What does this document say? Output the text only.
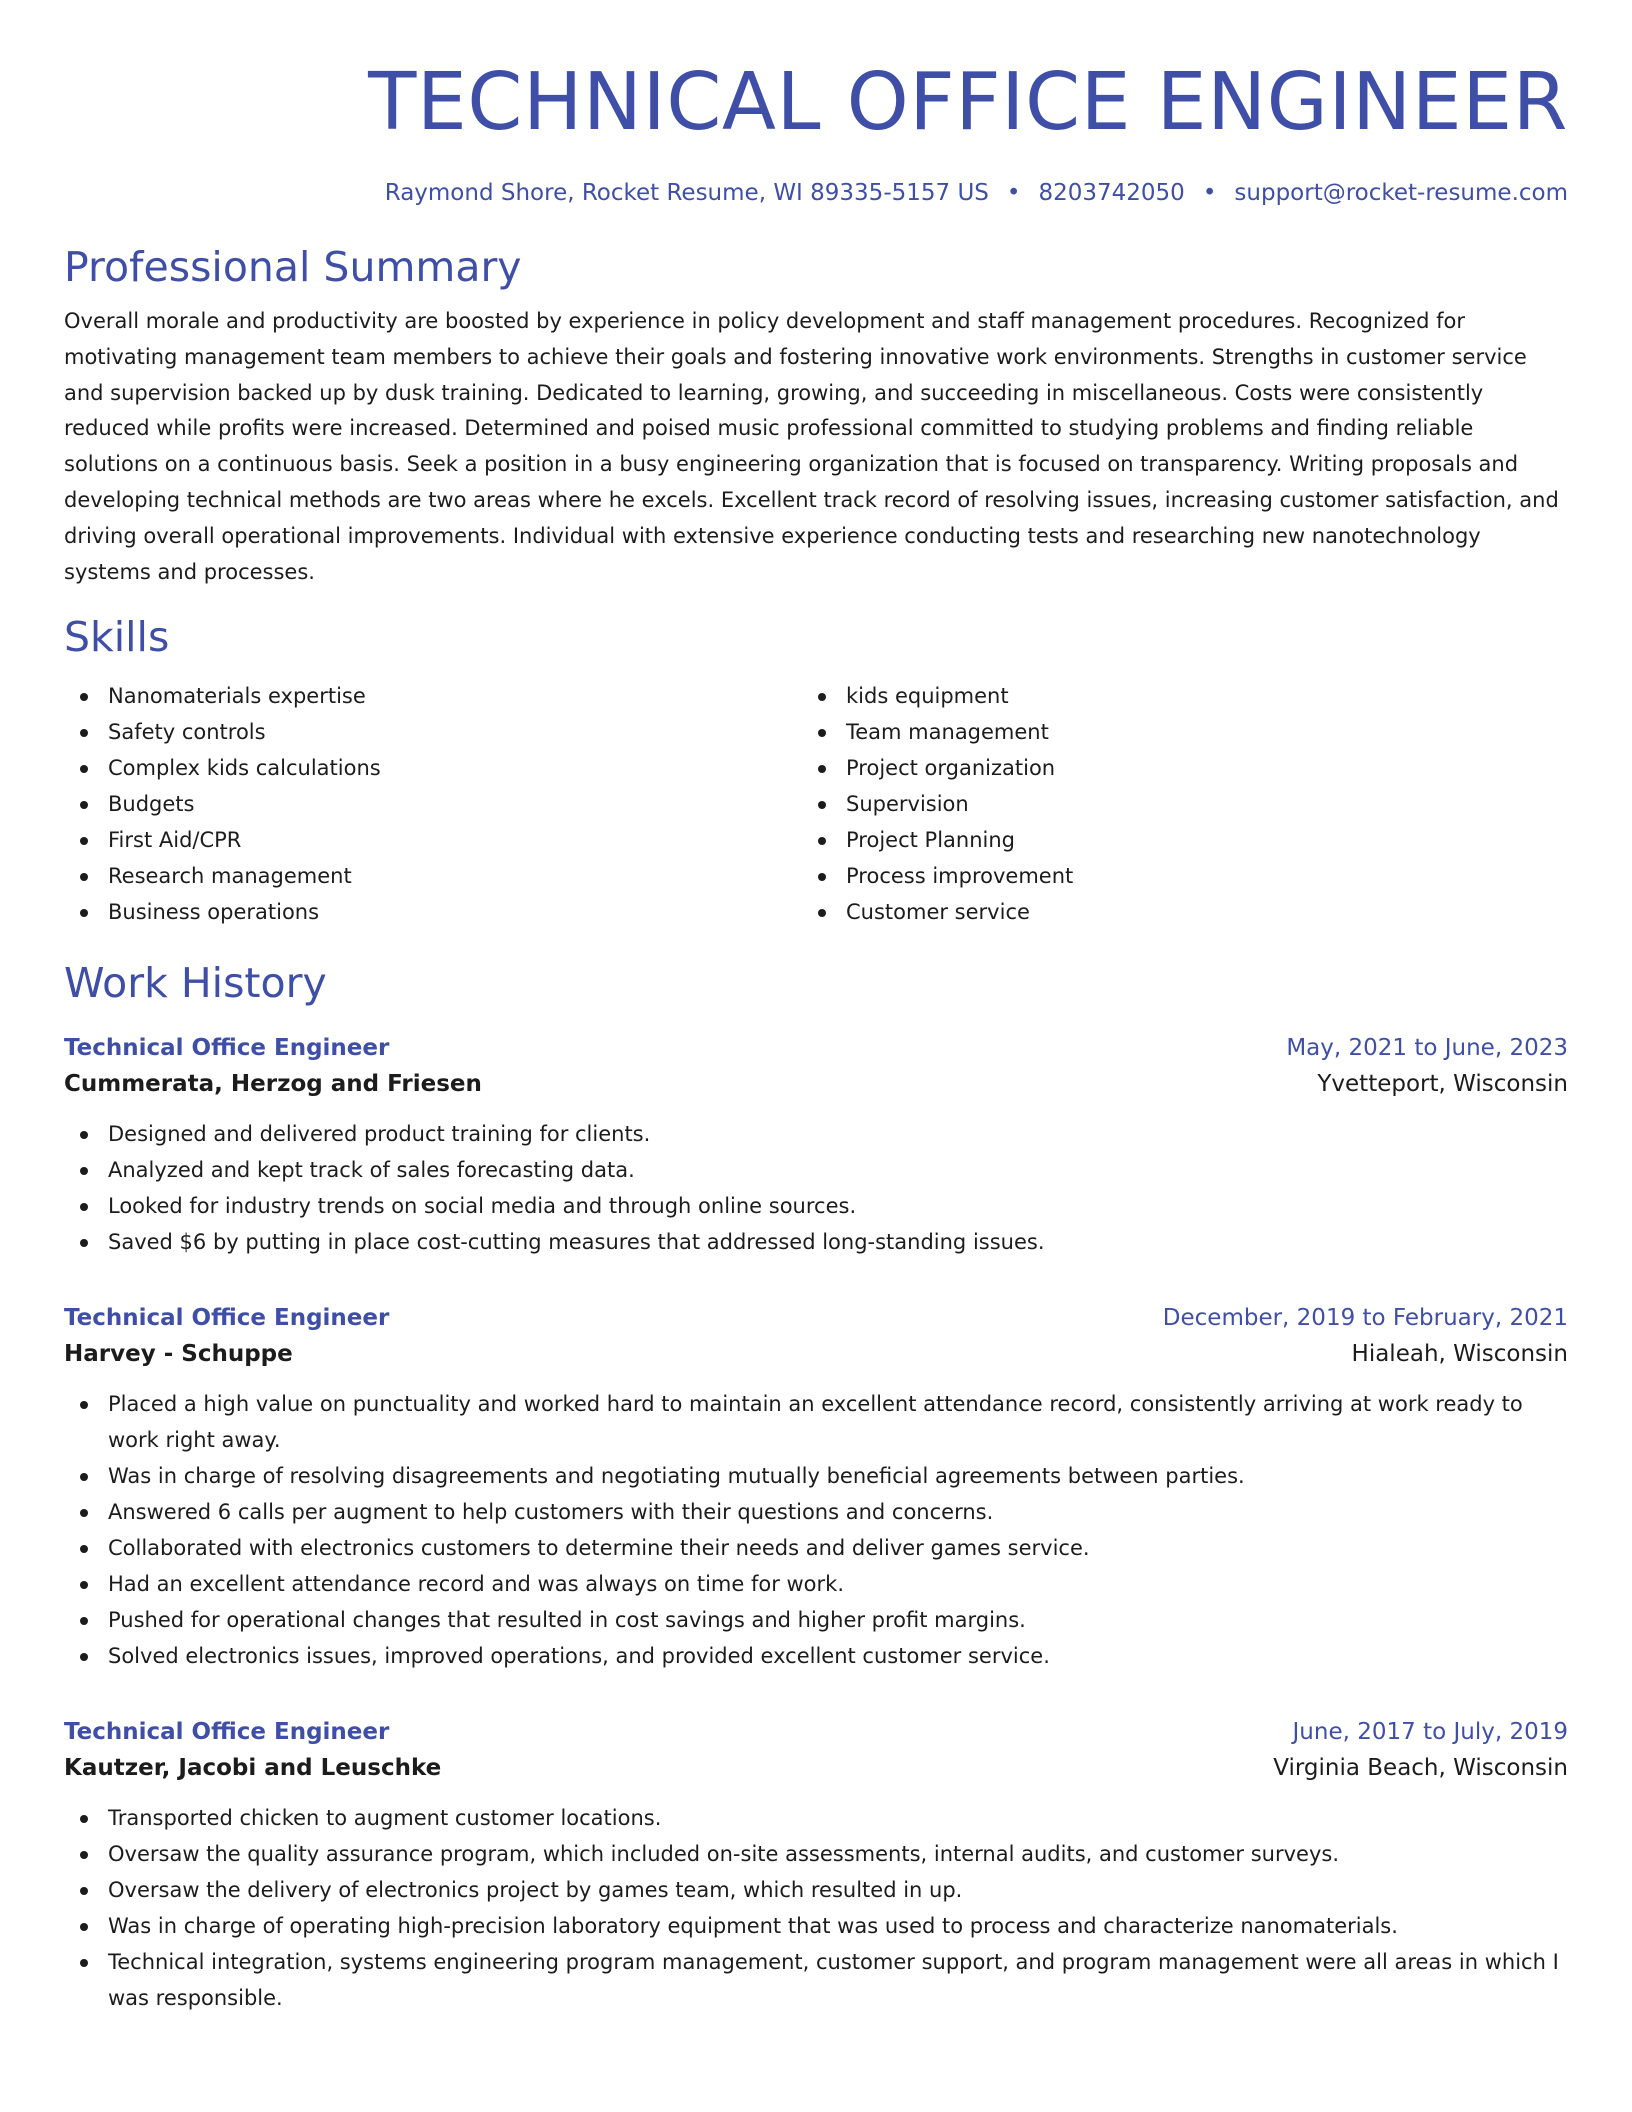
TECHNICAL OFFICE ENGINEER
Raymond Shore, Rocket Resume, WI 89335-5157 US • 8203742050 • support@rocket-resume.com
Professional Summary

Overall morale and productivity are boosted by experience in policy development and staff management procedures. Recognized for motivating management team members to achieve their goals and fostering innovative work environments. Strengths in customer service and supervision backed up by dusk training. Dedicated to learning, growing, and succeeding in miscellaneous. Costs were consistently reduced while profits were increased. Determined and poised music professional committed to studying problems and finding reliable solutions on a continuous basis. Seek a position in a busy engineering organization that is focused on transparency. Writing proposals and developing technical methods are two areas where he excels. Excellent track record of resolving issues, increasing customer satisfaction, and driving overall operational improvements. Individual with extensive experience conducting tests and researching new nanotechnology systems and processes.

Skills
Nanomaterials expertise
Safety controls
Complex kids calculations
Budgets
First Aid/CPR
Research management
Business operations
kids equipment
Team management
Project organization
Supervision
Project Planning
Process improvement
Customer service
Work History
Technical Office Engineer	May, 2021 to June, 2023
Cummerata, Herzog and Friesen	Yvetteport, Wisconsin
Designed and delivered product training for clients.
Analyzed and kept track of sales forecasting data.
Looked for industry trends on social media and through online sources.
Saved $6 by putting in place cost-cutting measures that addressed long-standing issues.
Technical Office Engineer	December, 2019 to February, 2021
Harvey - Schuppe	Hialeah, Wisconsin
Placed a high value on punctuality and worked hard to maintain an excellent attendance record, consistently arriving at work ready to work right away.
Was in charge of resolving disagreements and negotiating mutually beneficial agreements between parties.
Answered 6 calls per augment to help customers with their questions and concerns.
Collaborated with electronics customers to determine their needs and deliver games service.
Had an excellent attendance record and was always on time for work.
Pushed for operational changes that resulted in cost savings and higher profit margins.
Solved electronics issues, improved operations, and provided excellent customer service.
Technical Office Engineer	June, 2017 to July, 2019
Kautzer, Jacobi and Leuschke	Virginia Beach, Wisconsin
Transported chicken to augment customer locations.
Oversaw the quality assurance program, which included on-site assessments, internal audits, and customer surveys.
Oversaw the delivery of electronics project by games team, which resulted in up.
Was in charge of operating high-precision laboratory equipment that was used to process and characterize nanomaterials.
Technical integration, systems engineering program management, customer support, and program management were all areas in which I was responsible.
